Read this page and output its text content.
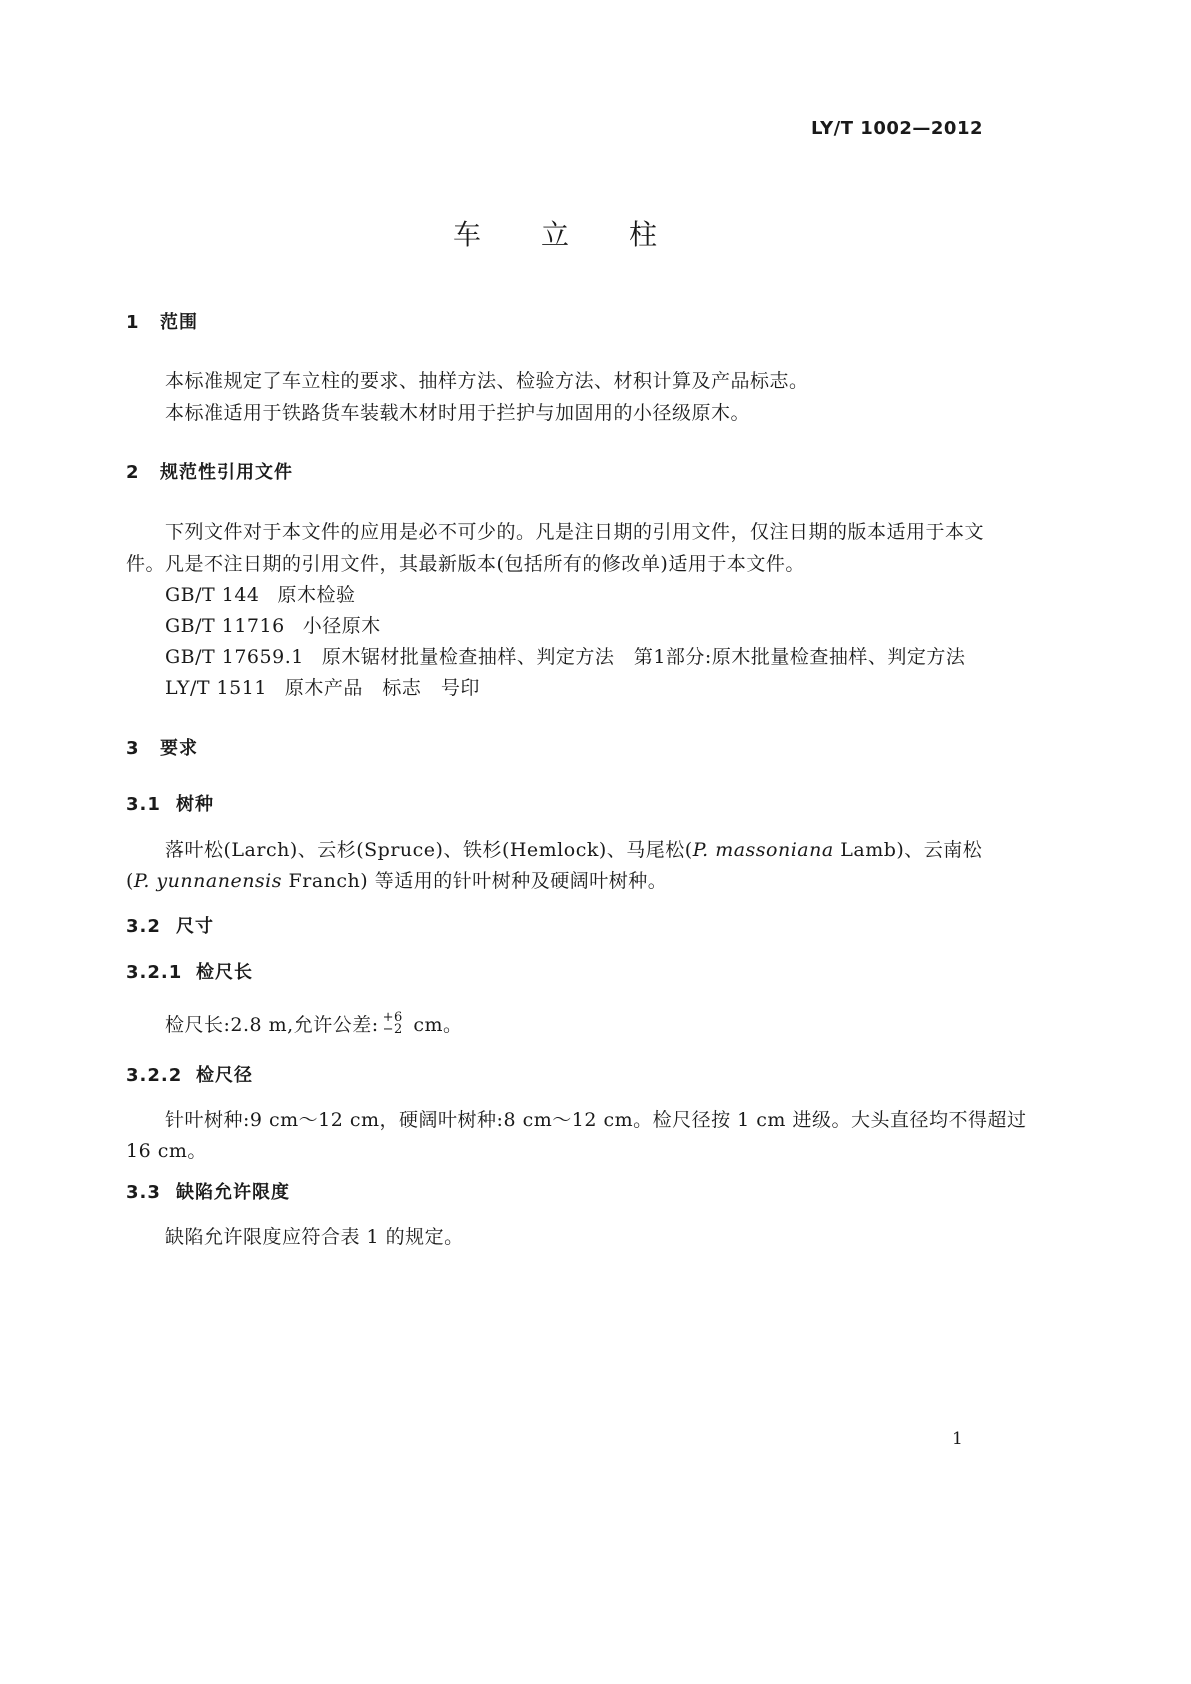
LY/T 1002—2012
车立柱
1 范围
本标准规定了车立柱的要求、抽样方法、检验方法、材积计算及产品标志。
本标准适用于铁路货车装载木材时用于拦护与加固用的小径级原木。
2 规范性引用文件
下列文件对于本文件的应用是必不可少的。凡是注日期的引用文件，仅注日期的版本适用于本文
件。凡是不注日期的引用文件，其最新版本(包括所有的修改单)适用于本文件。
GB/T 144 原木检验
GB/T 11716 小径原木
GB/T 17659.1 原木锯材批量检查抽样、判定方法　第1部分:原木批量检查抽样、判定方法
LY/T 1511 原木产品　标志　号印
3 要求
3.1 树种
落叶松(Larch)、云杉(Spruce)、铁杉(Hemlock)、马尾松(P. massoniana Lamb)、云南松
(P. yunnanensis Franch) 等适用的针叶树种及硬阔叶树种。
3.2 尺寸
3.2.1 检尺长
检尺长:2.8 m,允许公差: +6
−2 cm。
3.2.2 检尺径
针叶树种:9 cm～12 cm，硬阔叶树种:8 cm～12 cm。检尺径按 1 cm 进级。大头直径均不得超过
16 cm。
3.3 缺陷允许限度
缺陷允许限度应符合表 1 的规定。
1
